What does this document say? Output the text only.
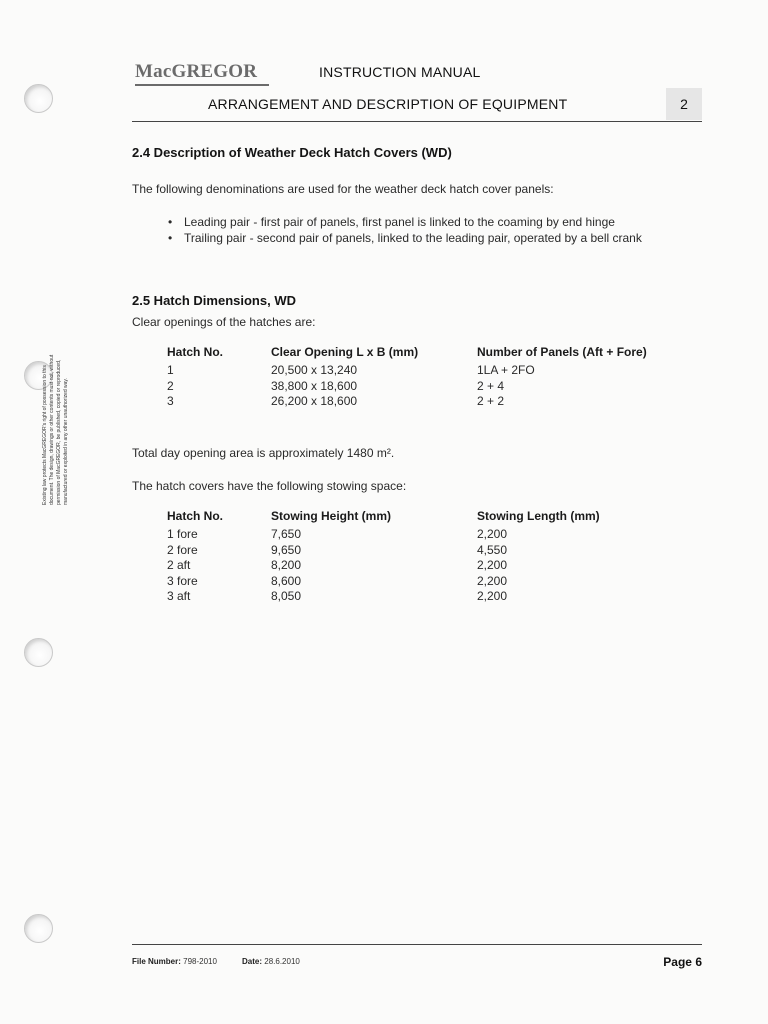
Existing law protects MacGREGOR's right of possession to this document. The design, drawings or other contents must not, without permission of MacGREGOR, be published, copied or reproduced, manufactured or exploited in any other unauthorized way.
MacGREGOR	INSTRUCTION MANUAL
ARRANGEMENT AND DESCRIPTION OF EQUIPMENT	2
2.4 Description of Weather Deck Hatch Covers (WD)
The following denominations are used for the weather deck hatch cover panels:
• Leading pair - first pair of panels, first panel is linked to the coaming by end hinge
• Trailing pair - second pair of panels, linked to the leading pair, operated by a bell crank
2.5 Hatch Dimensions, WD
Clear openings of the hatches are:
Hatch No.	Clear Opening L x B (mm)	Number of Panels (Aft + Fore)
1	20,500 x 13,240	1LA + 2FO
2	38,800 x 18,600	2 + 4
3	26,200 x 18,600	2 + 2
Total day opening area is approximately 1480 m².
The hatch covers have the following stowing space:
Hatch No.	Stowing Height (mm)	Stowing Length (mm)
1 fore	7,650	2,200
2 fore	9,650	4,550
2 aft	8,200	2,200
3 fore	8,600	2,200
3 aft	8,050	2,200
File Number: 798-2010	Date: 28.6.2010	Page 6
